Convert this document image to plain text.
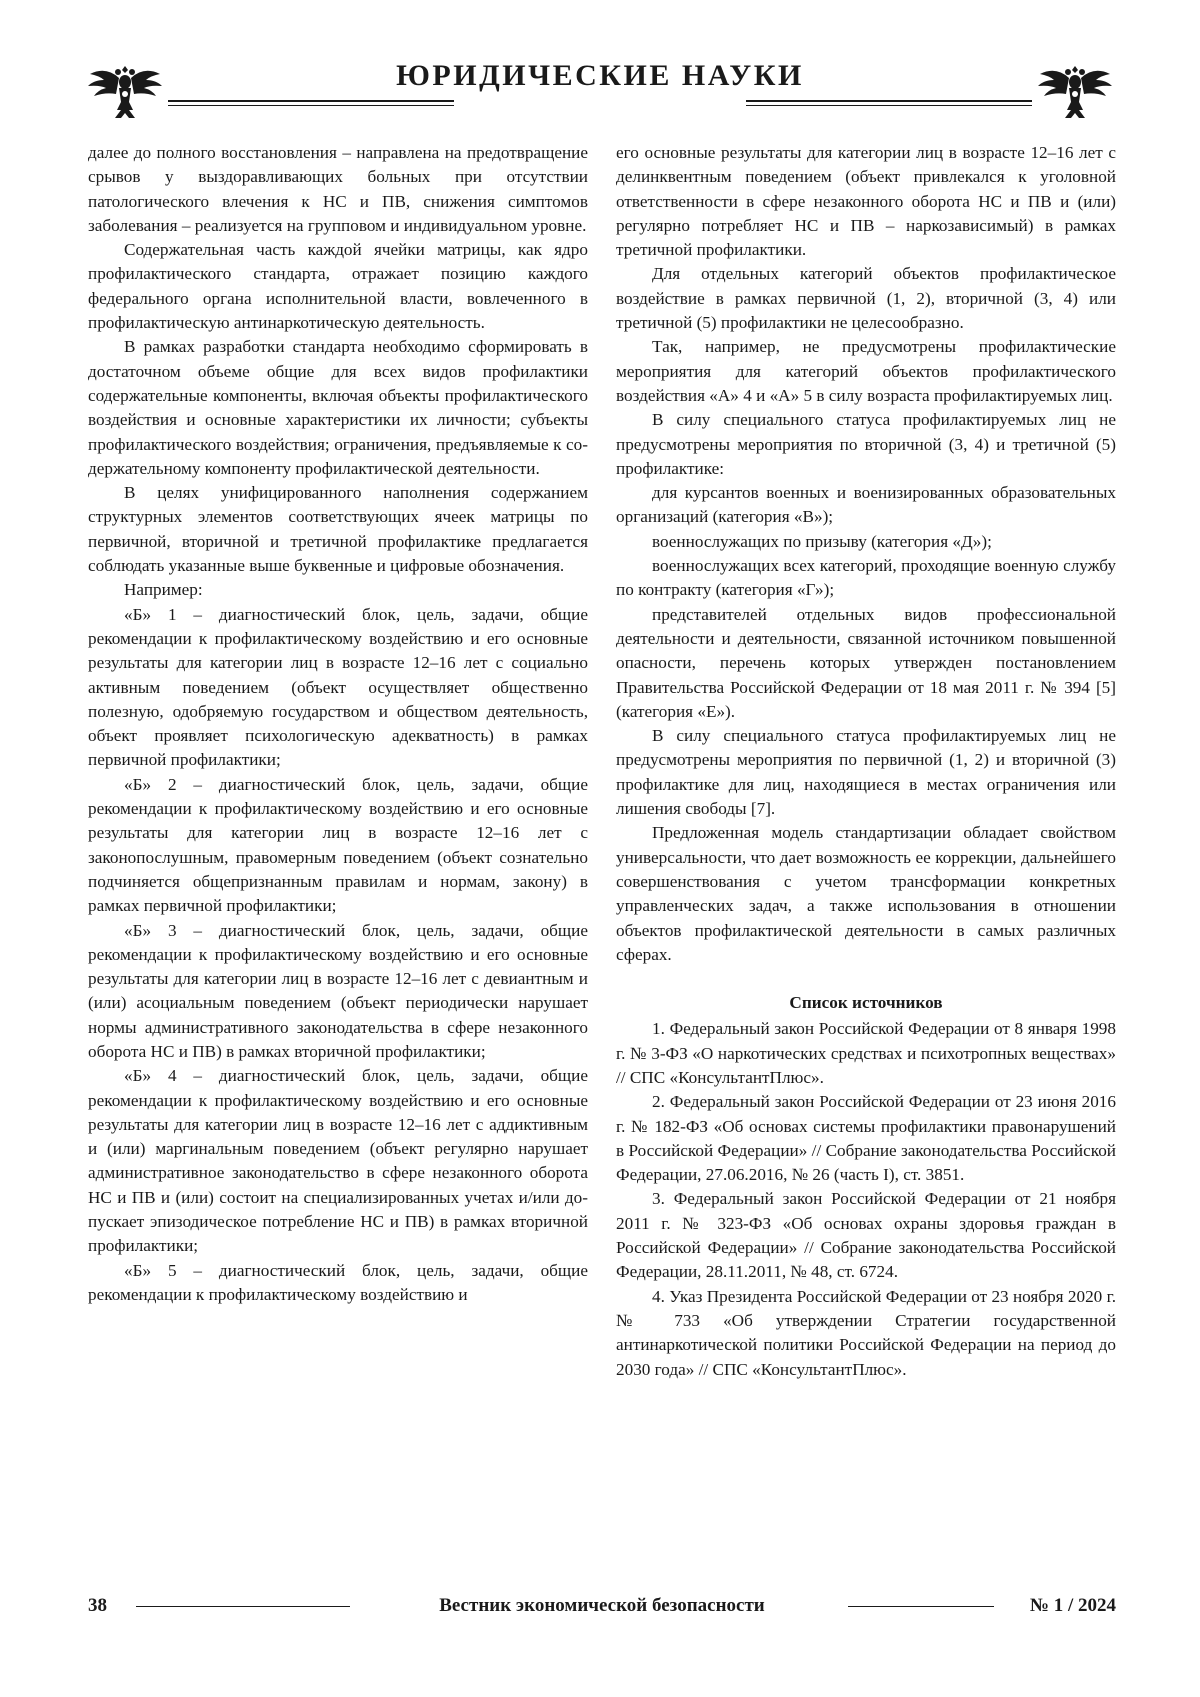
ЮРИДИЧЕСКИЕ НАУКИ

далее до полного восстановления – направлена на предотвращение срывов у выздоравливающих больных при отсутствии патологического влечения к НС и ПВ, снижения симптомов заболевания – реализуется на групповом и индивидуальном уровне.

Содержательная часть каждой ячейки матрицы, как ядро профилактического стандарта, отражает позицию каждого федерального органа исполнительной власти, вовлеченного в профилактическую антинаркотическую деятельность.

В рамках разработки стандарта необходимо сформировать в достаточном объеме общие для всех видов профилактики содержательные компоненты, включая объекты профилактического воздействия и основные характеристики их личности; субъекты профилактического воздействия; ограничения, предъявляемые к содержательному компоненту профилактической деятельности.

В целях унифицированного наполнения содержанием структурных элементов соответствующих ячеек матрицы по первичной, вторичной и третичной профилактике предлагается соблюдать указанные выше буквенные и цифровые обозначения.

Например:

«Б» 1 – диагностический блок, цель, задачи, общие рекомендации к профилактическому воздействию и его основные результаты для категории лиц в возрасте 12–16 лет с социально активным поведением (объект осуществляет общественно полезную, одобряемую государством и обществом деятельность, объект проявляет психологическую адекватность) в рамках первичной профилактики;

«Б» 2 – диагностический блок, цель, задачи, общие рекомендации к профилактическому воздействию и его основные результаты для категории лиц в возрасте 12–16 лет с законопослушным, правомерным поведением (объект сознательно подчиняется общепризнанным правилам и нормам, закону) в рамках первичной профилактики;

«Б» 3 – диагностический блок, цель, задачи, общие рекомендации к профилактическому воздействию и его основные результаты для категории лиц в возрасте 12–16 лет с девиантным и (или) асоциальным поведением (объект периодически нарушает нормы административного законодательства в сфере незаконного оборота НС и ПВ) в рамках вторичной профилактики;

«Б» 4 – диагностический блок, цель, задачи, общие рекомендации к профилактическому воздействию и его основные результаты для категории лиц в возрасте 12–16 лет с аддиктивным и (или) маргинальным поведением (объект регулярно нарушает административное законодательство в сфере незаконного оборота НС и ПВ и (или) состоит на специализированных учетах и/или допускает эпизодическое потребление НС и ПВ) в рамках вторичной профилактики;

«Б» 5 – диагностический блок, цель, задачи, общие рекомендации к профилактическому воздействию и

его основные результаты для категории лиц в возрасте 12–16 лет с делинквентным поведением (объект привлекался к уголовной ответственности в сфере незаконного оборота НС и ПВ и (или) регулярно потребляет НС и ПВ – наркозависимый) в рамках третичной профилактики.

Для отдельных категорий объектов профилактическое воздействие в рамках первичной (1, 2), вторичной (3, 4) или третичной (5) профилактики не целесообразно.

Так, например, не предусмотрены профилактические мероприятия для категорий объектов профилактического воздействия «А» 4 и «А» 5 в силу возраста профилактируемых лиц.

В силу специального статуса профилактируемых лиц не предусмотрены мероприятия по вторичной (3, 4) и третичной (5) профилактике:

для курсантов военных и военизированных образовательных организаций (категория «В»);

военнослужащих по призыву (категория «Д»);

военнослужащих всех категорий, проходящие военную службу по контракту (категория «Г»);

представителей отдельных видов профессиональной деятельности и деятельности, связанной источником повышенной опасности, перечень которых утвержден постановлением Правительства Российской Федерации от 18 мая 2011 г. № 394 [5] (категория «Е»).

В силу специального статуса профилактируемых лиц не предусмотрены мероприятия по первичной (1, 2) и вторичной (3) профилактике для лиц, находящиеся в местах ограничения или лишения свободы [7].

Предложенная модель стандартизации обладает свойством универсальности, что дает возможность ее коррекции, дальнейшего совершенствования с учетом трансформации конкретных управленческих задач, а также использования в отношении объектов профилактической деятельности в самых различных сферах.

Список источников

1. Федеральный закон Российской Федерации от 8 января 1998 г. № 3-ФЗ «О наркотических средствах и психотропных веществах» // СПС «КонсультантПлюс».

2. Федеральный закон Российской Федерации от 23 июня 2016 г. № 182-ФЗ «Об основах системы профилактики правонарушений в Российской Федерации» // Собрание законодательства Российской Федерации, 27.06.2016, № 26 (часть I), ст. 3851.

3. Федеральный закон Российской Федерации от 21 ноября 2011 г. № 323-ФЗ «Об основах охраны здоровья граждан в Российской Федерации» // Собрание законодательства Российской Федерации, 28.11.2011, № 48, ст. 6724.

4. Указ Президента Российской Федерации от 23 ноября 2020 г. № 733 «Об утверждении Стратегии государственной антинаркотической политики Российской Федерации на период до 2030 года» // СПС «КонсультантПлюс».

38	Вестник экономической безопасности	№ 1 / 2024
